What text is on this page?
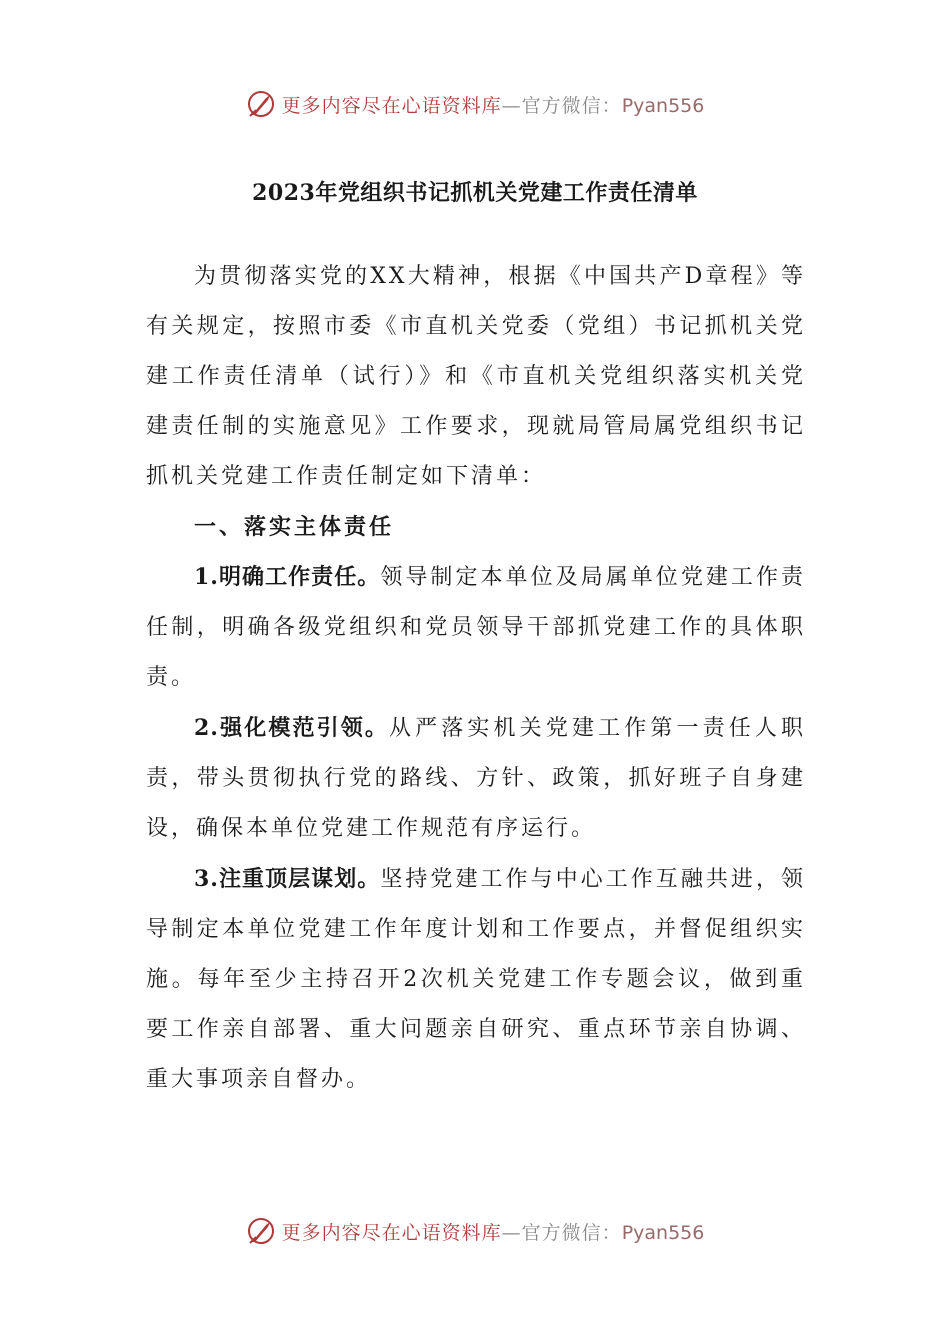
更多内容尽在心语资料库—官方微信：Pyan556
2023年党组织书记抓机关党建工作责任清单

为贯彻落实党的XX大精神，根据《中国共产D章程》等有关规定，按照市委《市直机关党委（党组）书记抓机关党建工作责任清单（试行）》和《市直机关党组织落实机关党建责任制的实施意见》工作要求，现就局管局属党组织书记抓机关党建工作责任制定如下清单：

一、落实主体责任

1.明确工作责任。领导制定本单位及局属单位党建工作责任制，明确各级党组织和党员领导干部抓党建工作的具体职责。

2.强化模范引领。从严落实机关党建工作第一责任人职责，带头贯彻执行党的路线、方针、政策，抓好班子自身建设，确保本单位党建工作规范有序运行。

3.注重顶层谋划。坚持党建工作与中心工作互融共进，领导制定本单位党建工作年度计划和工作要点，并督促组织实施。每年至少主持召开2次机关党建工作专题会议，做到重要工作亲自部署、重大问题亲自研究、重点环节亲自协调、重大事项亲自督办。

更多内容尽在心语资料库—官方微信：Pyan556
